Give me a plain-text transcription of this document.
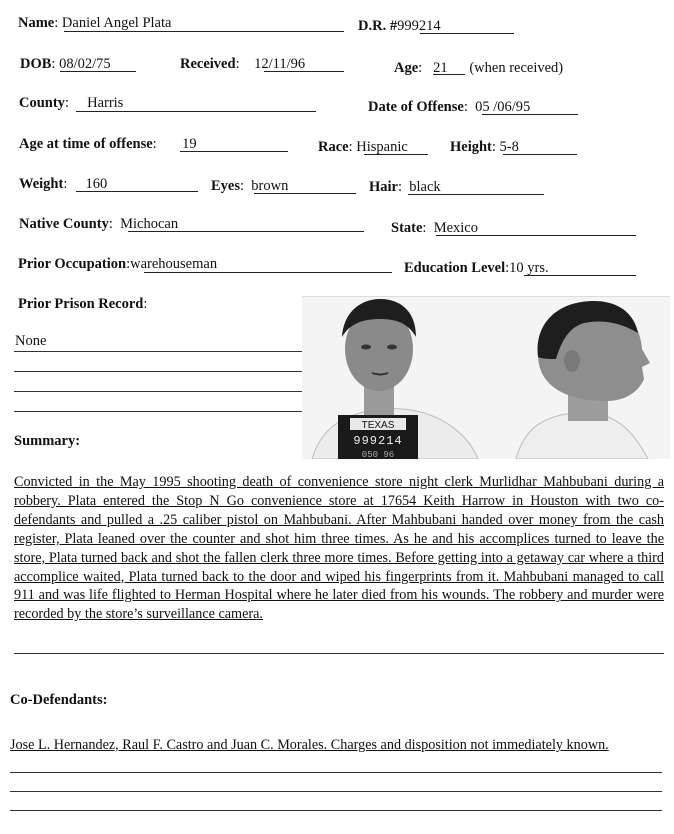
Name: Daniel Angel Plata	D.R. #999214
DOB: 08/02/75	Received:    12/11/96	Age:   21 (when received)
County:     Harris	Date of Offense:  05 /06/95
Age at time of offense:       19	Race: Hispanic	Height: 5-8
Weight:     160	Eyes:  brown	Hair:  black
Native County:  Michocan	State:  Mexico
Prior Occupation:warehouseman	Education Level:10 yrs.
Prior Prison Record:
None
TEXAS
999214
050 96
Summary:
Convicted in the May 1995 shooting death of convenience store night clerk Murlidhar Mahbubani during a robbery. Plata entered the Stop N Go convenience store at 17654 Keith Harrow in Houston with two co-defendants and pulled a .25 caliber pistol on Mahbubani. After Mahbubani handed over money from the cash register, Plata leaned over the counter and shot him three times. As he and his accomplices turned to leave the store, Plata turned back and shot the fallen clerk three more times. Before getting into a getaway car where a third accomplice waited, Plata turned back to the door and wiped his fingerprints from it. Mahbubani managed to call 911 and was life flighted to Herman Hospital where he later died from his wounds. The robbery and murder were recorded by the store’s surveillance camera.
Co-Defendants:
Jose L. Hernandez, Raul F. Castro and Juan C. Morales. Charges and disposition not immediately known.
